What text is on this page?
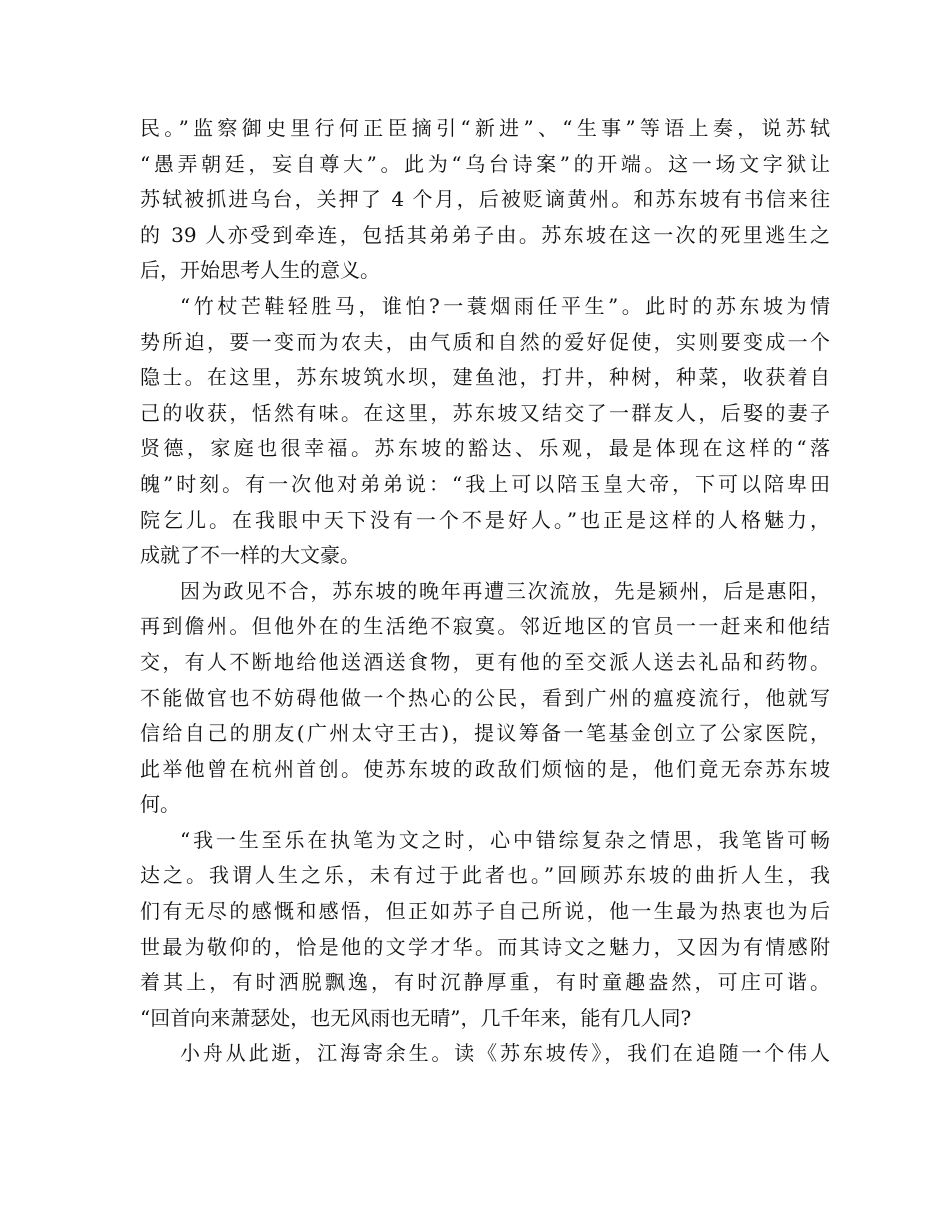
民。”监察御史里行何正臣摘引“新进”、“生事”等语上奏，说苏轼
“愚弄朝廷，妄自尊大”。此为“乌台诗案”的开端。这一场文字狱让
苏轼被抓进乌台，关押了 4 个月，后被贬谪黄州。和苏东坡有书信来往
的 39 人亦受到牵连，包括其弟弟子由。苏东坡在这一次的死里逃生之
后，开始思考人生的意义。
“竹杖芒鞋轻胜马，谁怕?一蓑烟雨任平生”。此时的苏东坡为情
势所迫，要一变而为农夫，由气质和自然的爱好促使，实则要变成一个
隐士。在这里，苏东坡筑水坝，建鱼池，打井，种树，种菜，收获着自
己的收获，恬然有味。在这里，苏东坡又结交了一群友人，后娶的妻子
贤德，家庭也很幸福。苏东坡的豁达、乐观，最是体现在这样的“落
魄”时刻。有一次他对弟弟说：“我上可以陪玉皇大帝，下可以陪卑田
院乞儿。在我眼中天下没有一个不是好人。”也正是这样的人格魅力，
成就了不一样的大文豪。
因为政见不合，苏东坡的晚年再遭三次流放，先是颍州，后是惠阳，
再到儋州。但他外在的生活绝不寂寞。邻近地区的官员一一赶来和他结
交，有人不断地给他送酒送食物，更有他的至交派人送去礼品和药物。
不能做官也不妨碍他做一个热心的公民，看到广州的瘟疫流行，他就写
信给自己的朋友(广州太守王古)，提议筹备一笔基金创立了公家医院，
此举他曾在杭州首创。使苏东坡的政敌们烦恼的是，他们竟无奈苏东坡
何。
“我一生至乐在执笔为文之时，心中错综复杂之情思，我笔皆可畅
达之。我谓人生之乐，未有过于此者也。”回顾苏东坡的曲折人生，我
们有无尽的感慨和感悟，但正如苏子自己所说，他一生最为热衷也为后
世最为敬仰的，恰是他的文学才华。而其诗文之魅力，又因为有情感附
着其上，有时洒脱飘逸，有时沉静厚重，有时童趣盎然，可庄可谐。
“回首向来萧瑟处，也无风雨也无晴”，几千年来，能有几人同?
小舟从此逝，江海寄余生。读《苏东坡传》，我们在追随一个伟人
